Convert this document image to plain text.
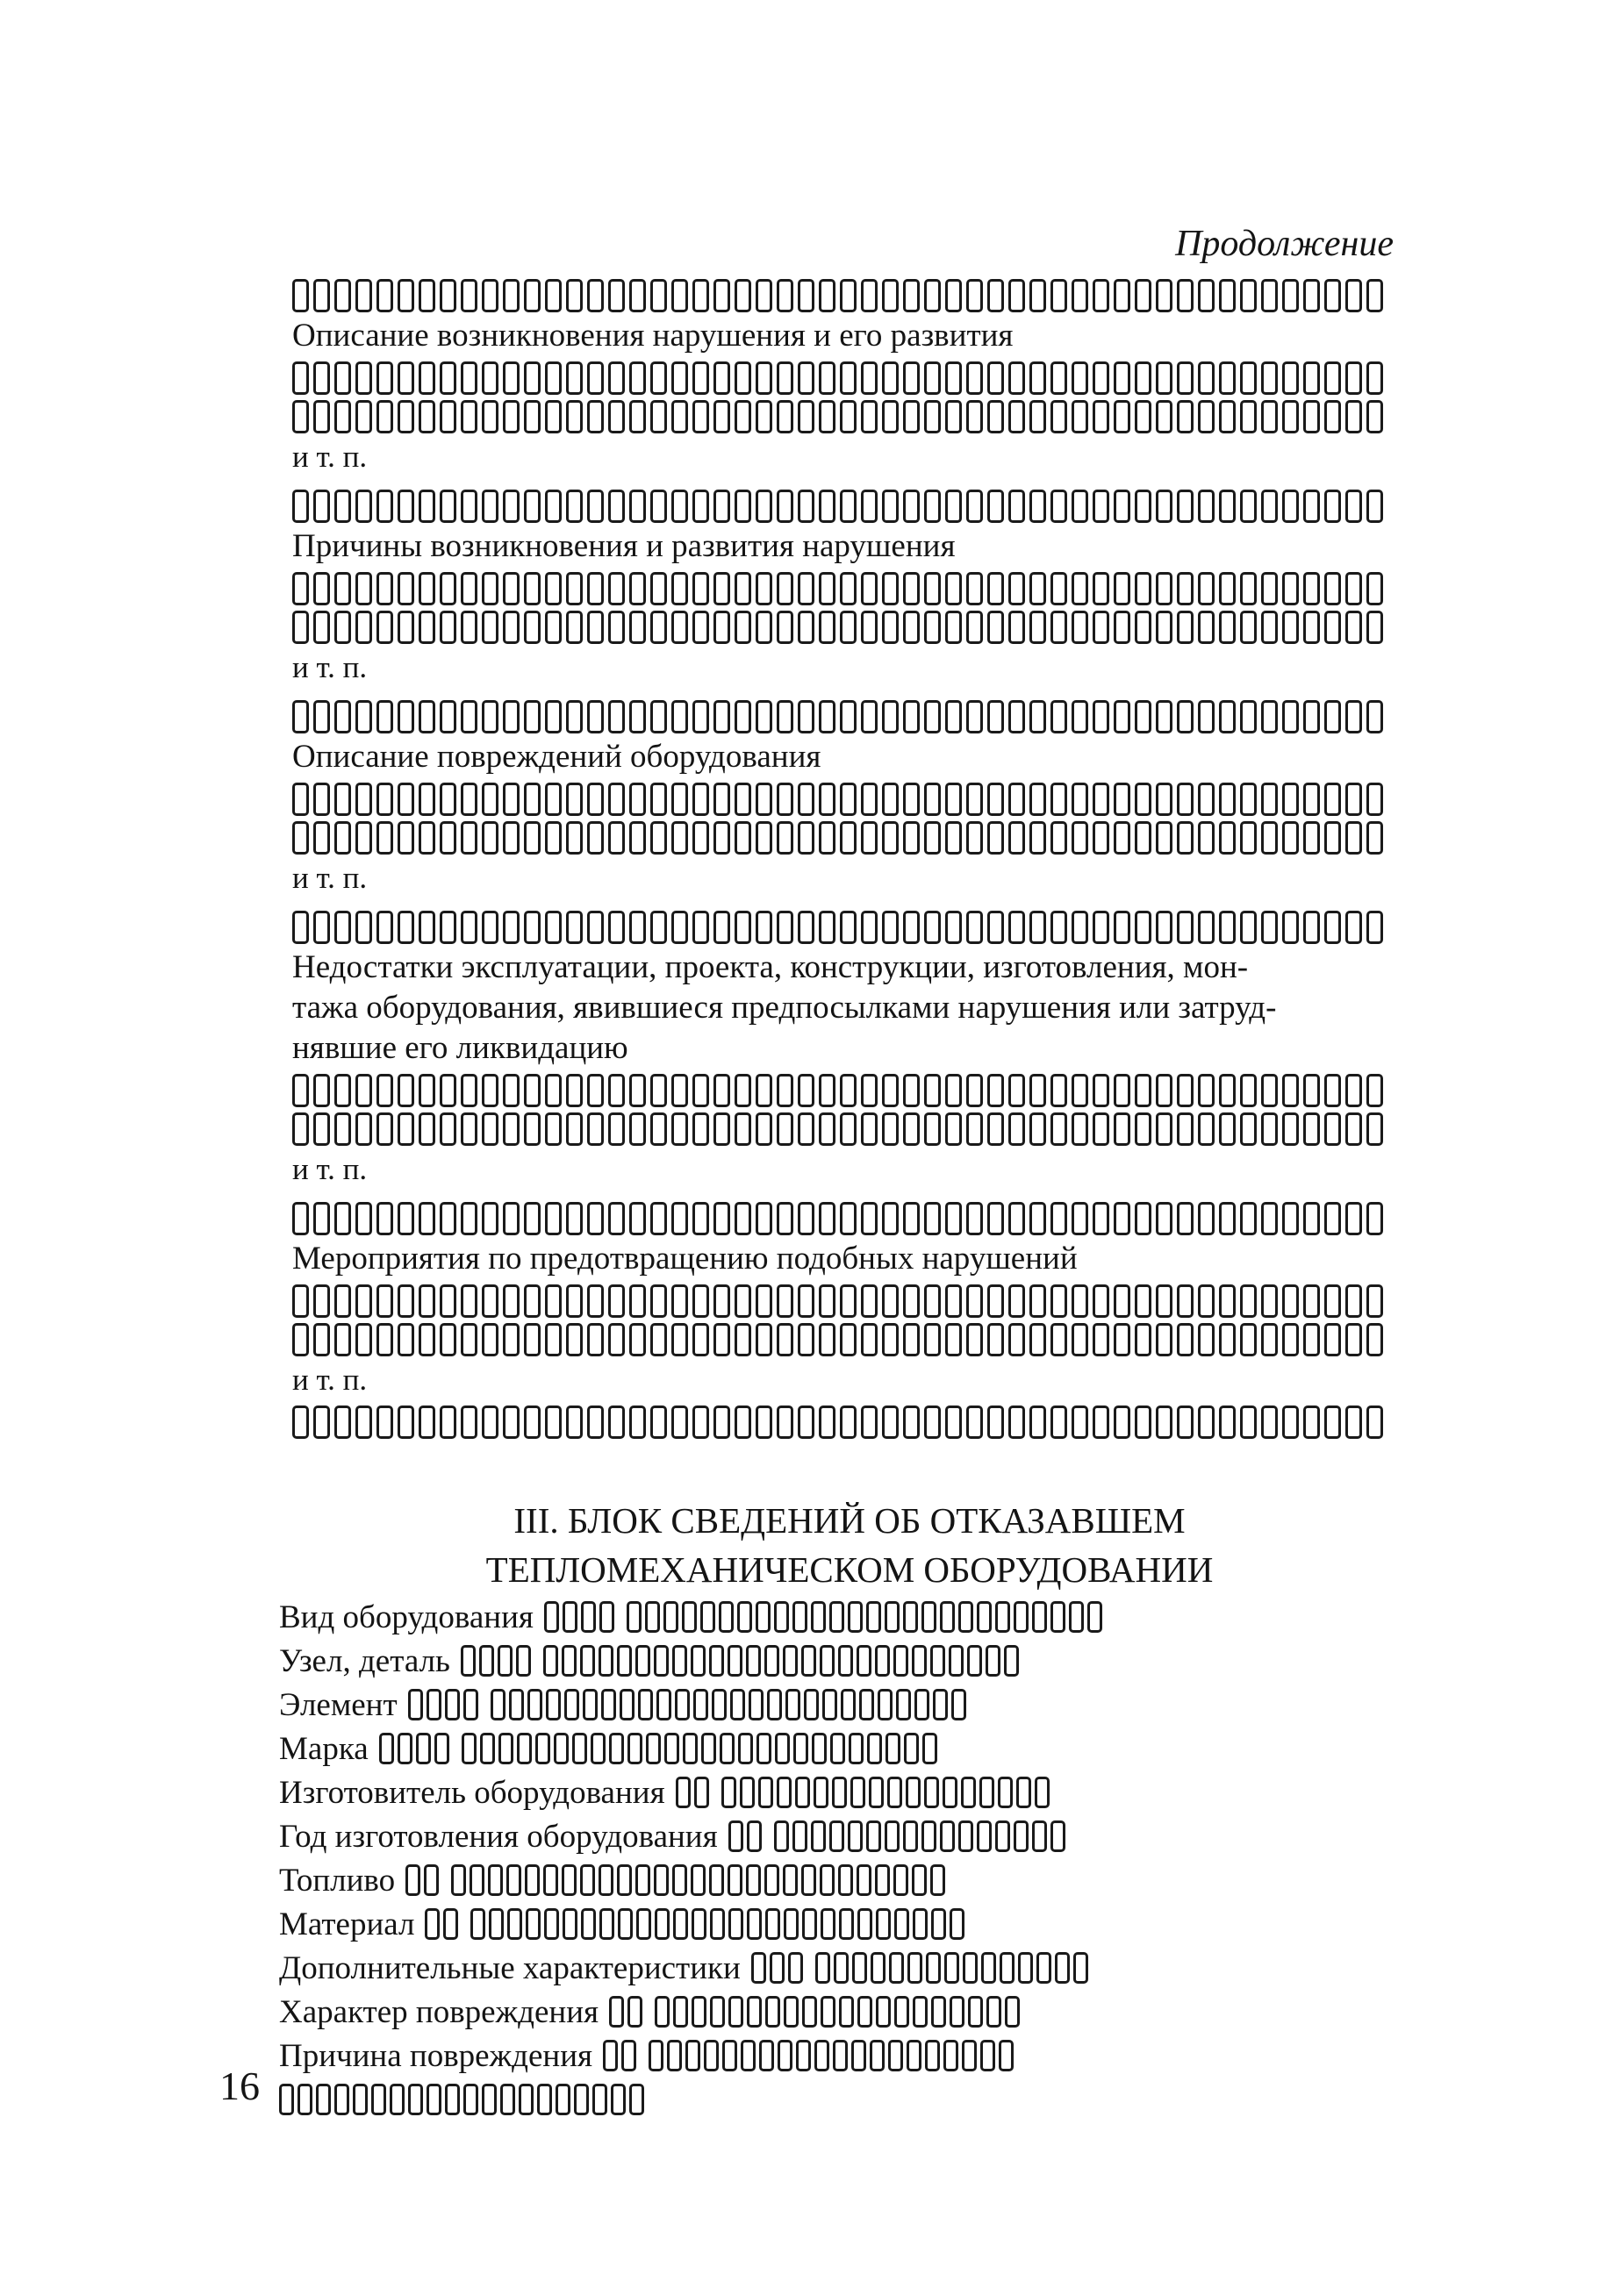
Продолжение

Описание возникновения нарушения и его развития

и т. п.

Причины возникновения и развития нарушения

и т. п.

Описание повреждений оборудования

и т. п.

Недостатки эксплуатации, проекта, конструкции, изготовления, мон-

тажа оборудования, явившиеся предпосылками нарушения или затруд-

нявшие его ликвидацию

и т. п.

Мероприятия по предотвращению подобных нарушений

и т. п.

III. БЛОК СВЕДЕНИЙ ОБ ОТКАЗАВШЕМ
ТЕПЛОМЕХАНИЧЕСКОМ ОБОРУДОВАНИИ
Вид оборудования
Узел, деталь
Элемент
Марка
Изготовитель оборудования
Год изготовления оборудования
Топливо
Материал
Дополнительные характеристики
Характер повреждения
Причина повреждения
16
